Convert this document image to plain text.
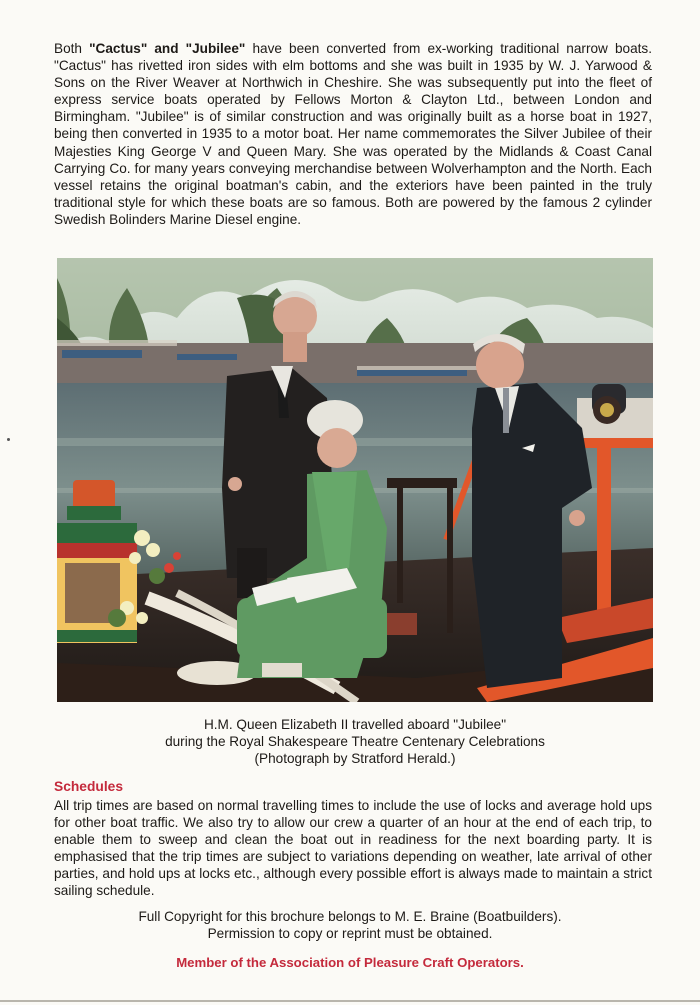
Both "Cactus" and "Jubilee" have been converted from ex-working traditional narrow boats. "Cactus" has rivetted iron sides with elm bottoms and she was built in 1935 by W. J. Yarwood & Sons on the River Weaver at Northwich in Cheshire. She was subsequently put into the fleet of express service boats operated by Fellows Morton & Clayton Ltd., between London and Birmingham. "Jubilee" is of similar construction and was originally built as a horse boat in 1927, being then converted in 1935 to a motor boat. Her name commemorates the Silver Jubilee of their Majesties King George V and Queen Mary. She was operated by the Midlands & Coast Canal Carrying Co. for many years conveying merchandise between Wolverhampton and the North. Each vessel retains the original boatman's cabin, and the exteriors have been painted in the truly traditional style for which these boats are so famous. Both are powered by the famous 2 cylinder Swedish Bolinders Marine Diesel engine.

H.M. Queen Elizabeth II travelled aboard "Jubilee"
during the Royal Shakespeare Theatre Centenary Celebrations
(Photograph by Stratford Herald.)
Schedules

All trip times are based on normal travelling times to include the use of locks and average hold ups for other boat traffic. We also try to allow our crew a quarter of an hour at the end of each trip, to enable them to sweep and clean the boat out in readiness for the next boarding party. It is emphasised that the trip times are subject to variations depending on weather, late arrival of other parties, and hold ups at locks etc., although every possible effort is always made to maintain a strict sailing schedule.

Full Copyright for this brochure belongs to M. E. Braine (Boatbuilders).
Permission to copy or reprint must be obtained.
Member of the Association of Pleasure Craft Operators.
